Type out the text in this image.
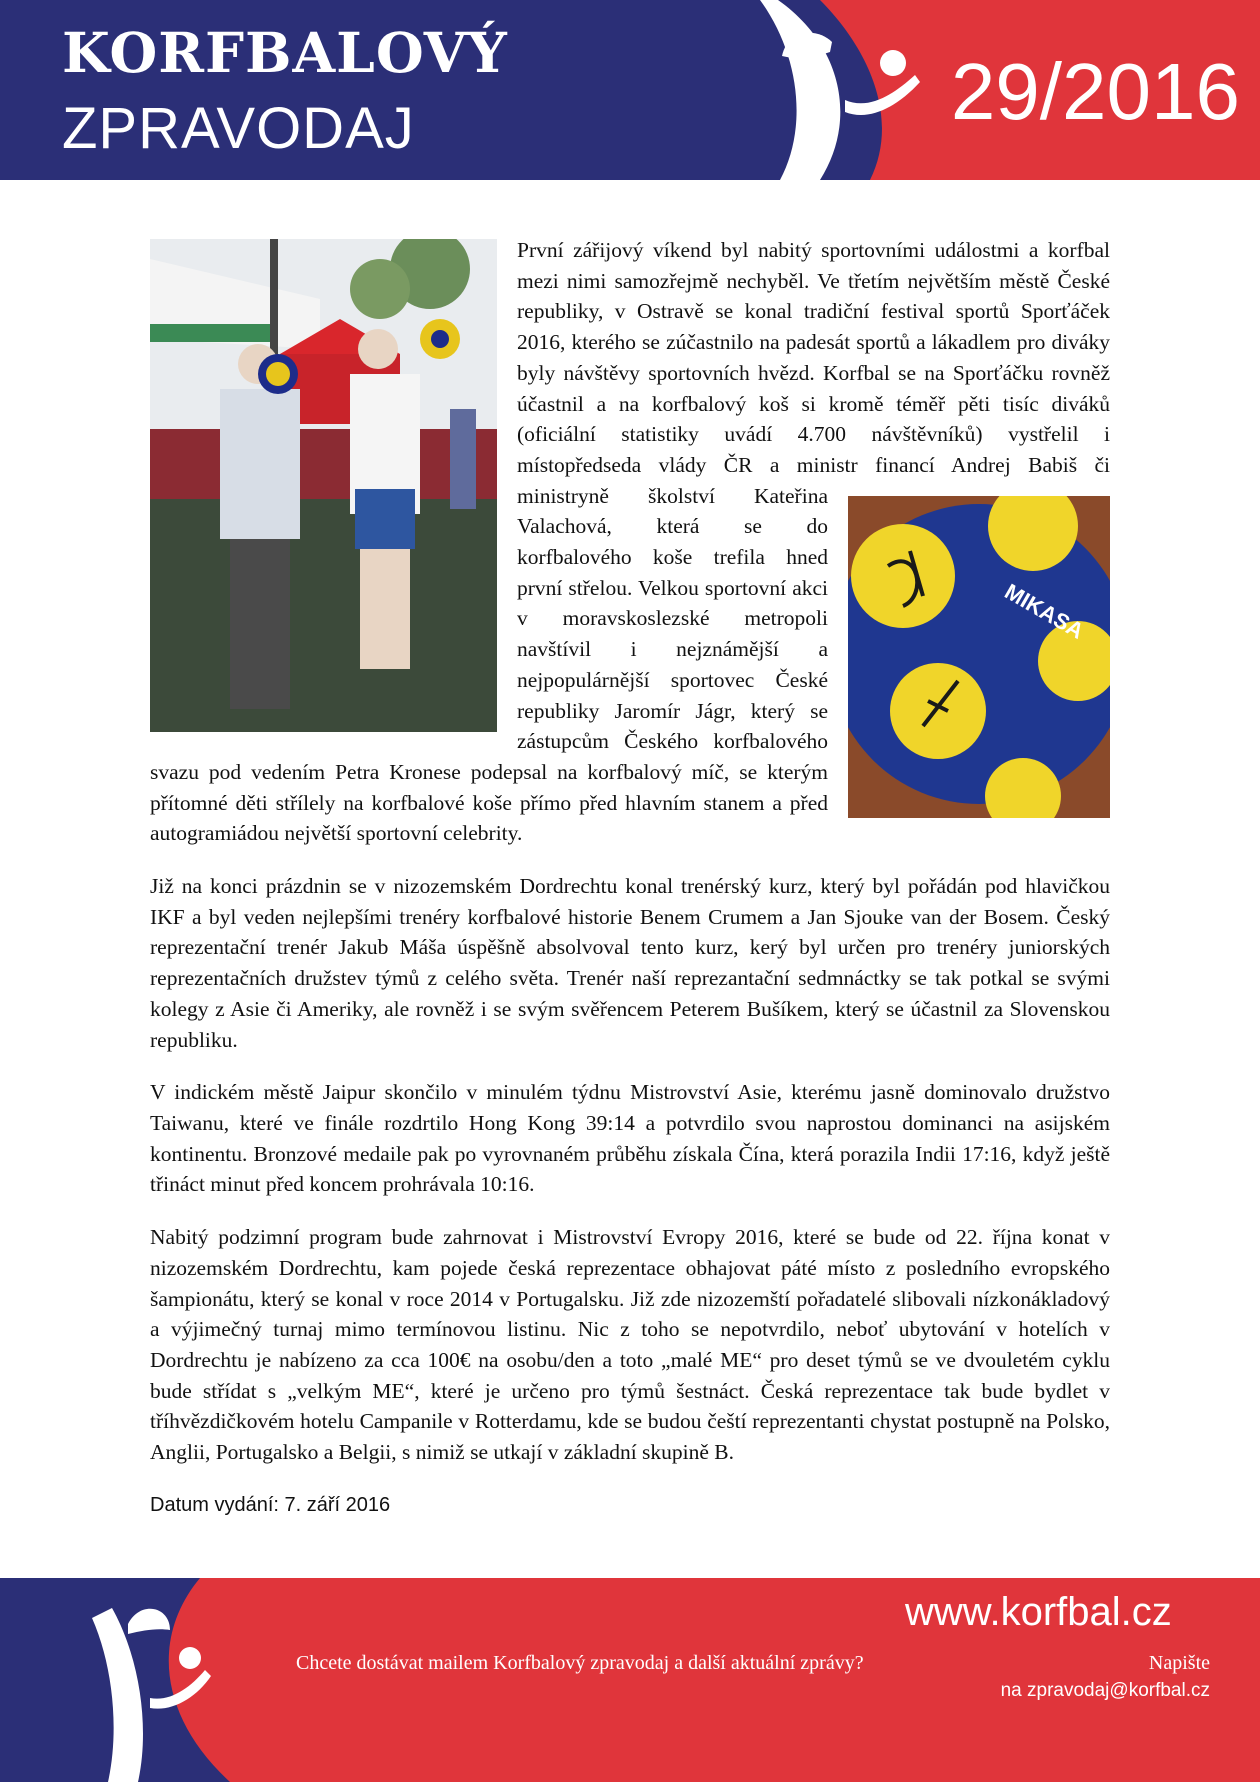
KORFBALOVÝ
ZPRAVODAJ	29/2016
MIKASA

První zářijový víkend byl nabitý sportovními událostmi a korfbal mezi nimi samozřejmě nechyběl. Ve třetím největším městě České republiky, v Ostravě se konal tradiční festival sportů Sporťáček 2016, kterého se zúčastnilo na padesát sportů a lákadlem pro diváky byly návštěvy sportovních hvězd. Korfbal se na Sporťáčku rovněž účastnil a na korfbalový koš si kromě téměř pěti tisíc diváků (oficiální statistiky uvádí 4.700 návštěvníků) vystřelil i místopředseda vlády ČR a ministr financí Andrej Babiš či ministryně školství Kateřina Valachová, která se do korfbalového koše trefila hned první střelou. Velkou sportovní akci v moravskoslezské metropoli navštívil i nejznámější a nejpopulárnější sportovec České republiky Jaromír Jágr, který se zástupcům Českého korfbalového svazu pod vedením Petra Kronese podepsal na korfbalový míč, se kterým přítomné děti střílely na korfbalové koše přímo před hlavním stanem a před autogramiádou největší sportovní celebrity.

Již na konci prázdnin se v nizozemském Dordrechtu konal trenérský kurz, který byl pořádán pod hlavičkou IKF a byl veden nejlepšími trenéry korfbalové historie Benem Crumem a Jan Sjouke van der Bosem. Český reprezentační trenér Jakub Máša úspěšně absolvoval tento kurz, kerý byl určen pro trenéry juniorských reprezentačních družstev týmů z celého světa. Trenér naší reprezantační sedmnáctky se tak potkal se svými kolegy z Asie či Ameriky, ale rovněž i se svým svěřencem Peterem Bušíkem, který se účastnil za Slovenskou republiku.

V indickém městě Jaipur skončilo v minulém týdnu Mistrovství Asie, kterému jasně dominovalo družstvo Taiwanu, které ve finále rozdrtilo Hong Kong 39:14 a potvrdilo svou naprostou dominanci na asijském kontinentu. Bronzové medaile pak po vyrovnaném průběhu získala Čína, která porazila Indii 17:16, když ještě třináct minut před koncem prohrávala 10:16.

Nabitý podzimní program bude zahrnovat i Mistrovství Evropy 2016, které se bude od 22. října konat v nizozemském Dordrechtu, kam pojede česká reprezentace obhajovat páté místo z posledního evropského šampionátu, který se konal v roce 2014 v Portugalsku. Již zde nizozemští pořadatelé slibovali nízkonákladový a výjimečný turnaj mimo termínovou listinu. Nic z toho se nepotvrdilo, neboť ubytování v hotelích v Dordrechtu je nabízeno za cca 100€ na osobu/den a toto „malé ME“ pro deset týmů se ve dvouletém cyklu bude střídat s „velkým ME“, které je určeno pro týmů šestnáct. Česká reprezentace tak bude bydlet v tříhvězdičkovém hotelu Campanile v Rotterdamu, kde se budou čeští reprezentanti chystat postupně na Polsko, Anglii, Portugalsko a Belgii, s nimiž se utkají v základní skupině B.

Datum vydání: 7. září 2016
www.korfbal.cz
Chcete dostávat mailem Korfbalový zpravodaj a další aktuální zprávy?	Napište
na zpravodaj@korfbal.cz
